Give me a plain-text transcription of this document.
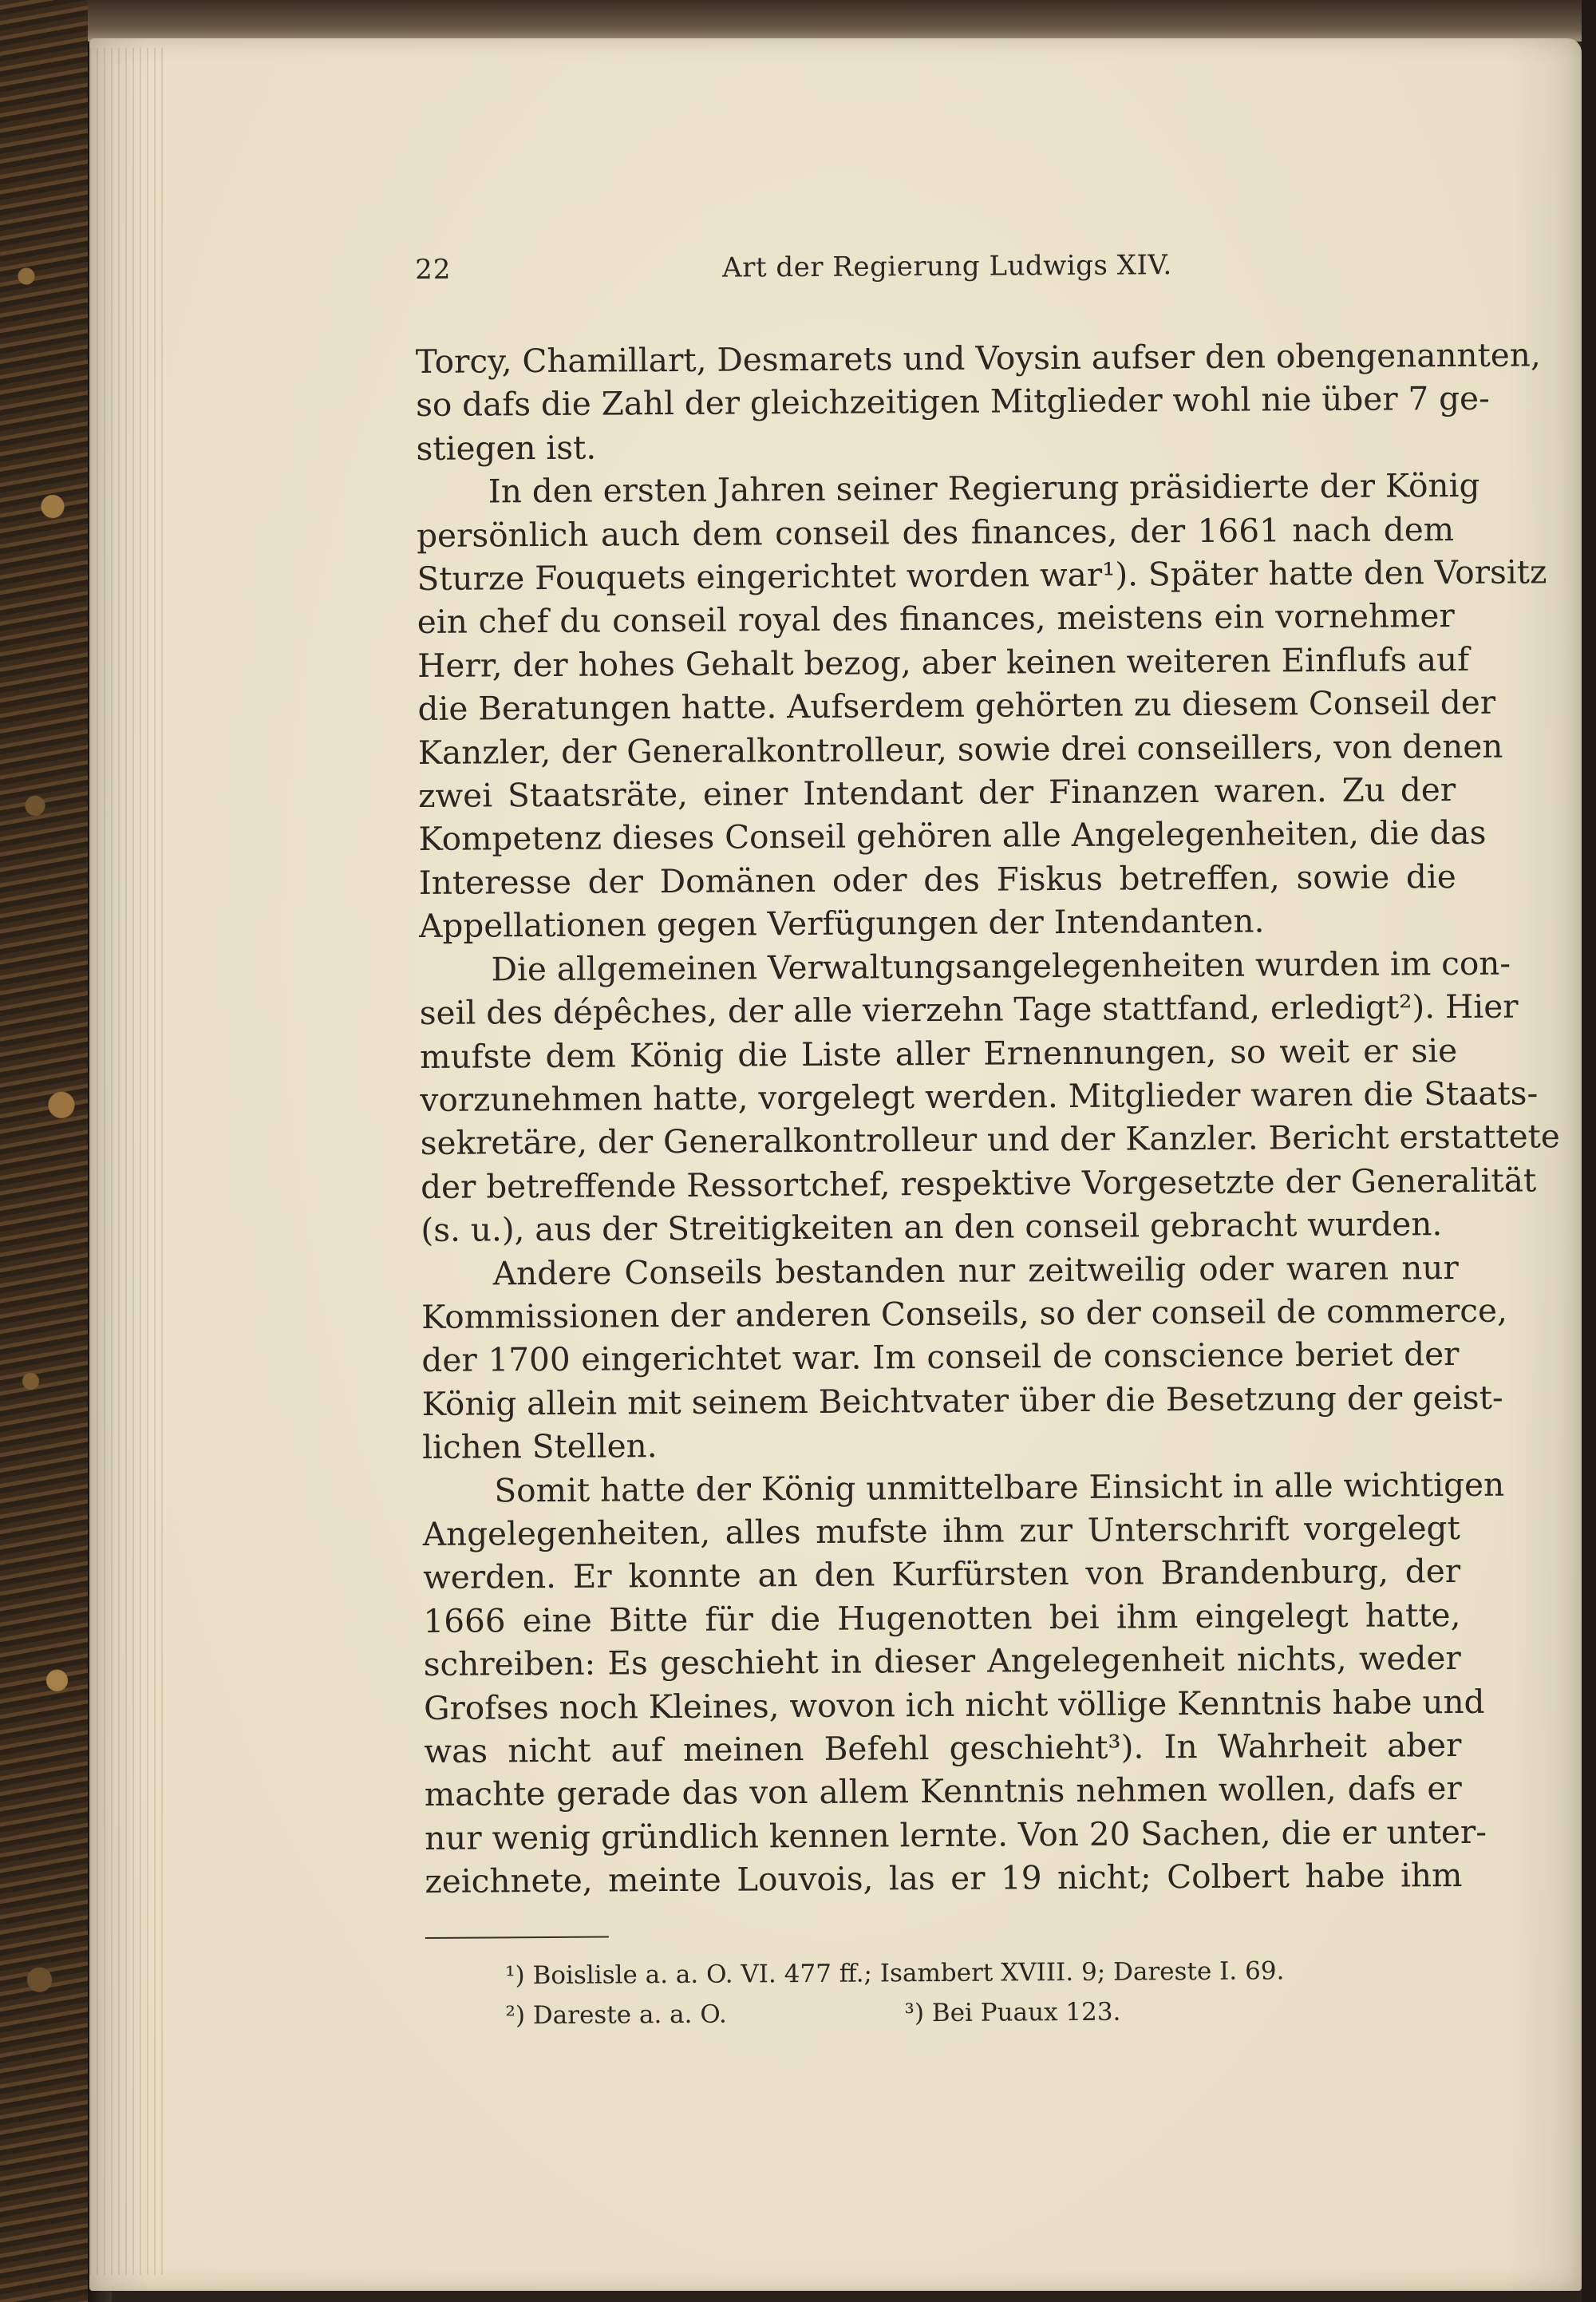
22	Art der Regierung Ludwigs XIV.
Torcy, Chamillart, Desmarets und Voysin aufser den obengenannten,
so dafs die Zahl der gleichzeitigen Mitglieder wohl nie über 7 ge-
stiegen ist.
In den ersten Jahren seiner Regierung präsidierte der König
persönlich auch dem conseil des finances, der 1661 nach dem
Sturze Fouquets eingerichtet worden war¹). Später hatte den Vorsitz
ein chef du conseil royal des finances, meistens ein vornehmer
Herr, der hohes Gehalt bezog, aber keinen weiteren Einflufs auf
die Beratungen hatte. Aufserdem gehörten zu diesem Conseil der
Kanzler, der Generalkontrolleur, sowie drei conseillers, von denen
zwei Staatsräte, einer Intendant der Finanzen waren. Zu der
Kompetenz dieses Conseil gehören alle Angelegenheiten, die das
Interesse der Domänen oder des Fiskus betreffen, sowie die
Appellationen gegen Verfügungen der Intendanten.
Die allgemeinen Verwaltungsangelegenheiten wurden im con-
seil des dépêches, der alle vierzehn Tage stattfand, erledigt²). Hier
mufste dem König die Liste aller Ernennungen, so weit er sie
vorzunehmen hatte, vorgelegt werden. Mitglieder waren die Staats-
sekretäre, der Generalkontrolleur und der Kanzler. Bericht erstattete
der betreffende Ressortchef, respektive Vorgesetzte der Generalität
(s. u.), aus der Streitigkeiten an den conseil gebracht wurden.
Andere Conseils bestanden nur zeitweilig oder waren nur
Kommissionen der anderen Conseils, so der conseil de commerce,
der 1700 eingerichtet war. Im conseil de conscience beriet der
König allein mit seinem Beichtvater über die Besetzung der geist-
lichen Stellen.
Somit hatte der König unmittelbare Einsicht in alle wichtigen
Angelegenheiten, alles mufste ihm zur Unterschrift vorgelegt
werden. Er konnte an den Kurfürsten von Brandenburg, der
1666 eine Bitte für die Hugenotten bei ihm eingelegt hatte,
schreiben: Es geschieht in dieser Angelegenheit nichts, weder
Grofses noch Kleines, wovon ich nicht völlige Kenntnis habe und
was nicht auf meinen Befehl geschieht³). In Wahrheit aber
machte gerade das von allem Kenntnis nehmen wollen, dafs er
nur wenig gründlich kennen lernte. Von 20 Sachen, die er unter-
zeichnete, meinte Louvois, las er 19 nicht; Colbert habe ihm
¹) Boislisle a. a. O. VI. 477 ff.; Isambert XVIII. 9; Dareste I. 69.
²) Dareste a. a. O.	³) Bei Puaux 123.
